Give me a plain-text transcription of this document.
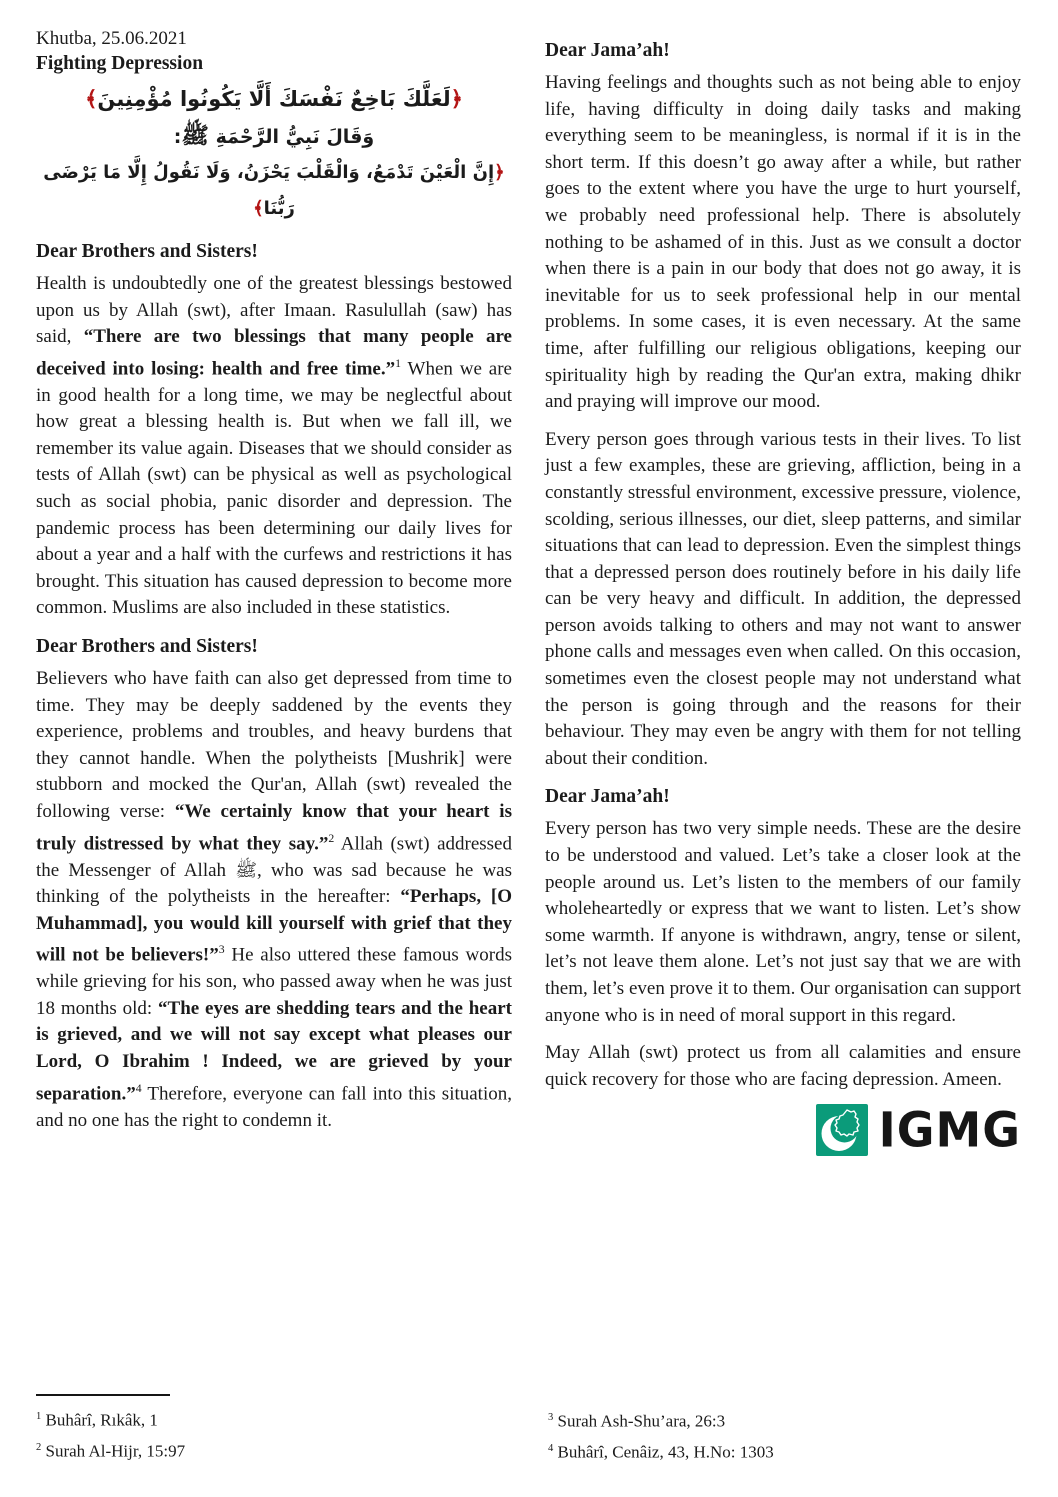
Khutba, 25.06.2021
Fighting Depression
﴿لَعَلَّكَ بَاخِعٌ نَفْسَكَ أَلَّا يَكُونُوا مُؤْمِنِينَ﴾
وَقَالَ نَبِيُّ الرَّحْمَةِ ﷺ:
﴿إِنَّ الْعَيْنَ تَدْمَعُ، وَالْقَلْبَ يَحْزَنُ، وَلَا نَقُولُ إِلَّا مَا يَرْضَى رَبُّنَا﴾
Dear Brothers and Sisters!
Health is undoubtedly one of the greatest blessings bestowed upon us by Allah (swt), after Imaan. Rasulullah (saw) has said, “There are two blessings that many people are deceived into losing: health and free time.”$^1$ When we are in good health for a long time, we may be neglectful about how great a blessing health is. But when we fall ill, we remember its value again. Diseases that we should consider as tests of Allah (swt) can be physical as well as psychological such as social phobia, panic disorder and depression. The pandemic process has been determining our daily lives for about a year and a half with the curfews and restrictions it has brought. This situation has caused depression to become more common. Muslims are also included in these statistics.
Dear Brothers and Sisters!
Believers who have faith can also get depressed from time to time. They may be deeply saddened by the events they experience, problems and troubles, and heavy burdens that they cannot handle. When the polytheists [Mushrik] were stubborn and mocked the Qur'an, Allah (swt) revealed the following verse: “We certainly know that your heart is truly distressed by what they say.”$^2$ Allah (swt) addressed the Messenger of Allah ﷺ, who was sad because he was thinking of the polytheists in the hereafter: “Perhaps, [O Muhammad], you would kill yourself with grief that they will not be believers!”$^3$ He also uttered these famous words while grieving for his son, who passed away when he was just 18 months old: “The eyes are shedding tears and the heart is grieved, and we will not say except what pleases our Lord, O Ibrahim ! Indeed, we are grieved by your separation.”$^4$ Therefore, everyone can fall into this situation, and no one has the right to condemn it.
Dear Jama’ah!
Having feelings and thoughts such as not being able to enjoy life, having difficulty in doing daily tasks and making everything seem to be meaningless, is normal if it is in the short term. If this doesn’t go away after a while, but rather goes to the extent where you have the urge to hurt yourself, we probably need professional help. There is absolutely nothing to be ashamed of in this. Just as we consult a doctor when there is a pain in our body that does not go away, it is inevitable for us to seek professional help in our mental problems. In some cases, it is even necessary. At the same time, after fulfilling our religious obligations, keeping our spirituality high by reading the Qur'an extra, making dhikr and praying will improve our mood.
Every person goes through various tests in their lives. To list just a few examples, these are grieving, affliction, being in a constantly stressful environment, excessive pressure, violence, scolding, serious illnesses, our diet, sleep patterns, and similar situations that can lead to depression. Even the simplest things that a depressed person does routinely before in his daily life can be very heavy and difficult. In addition, the depressed person avoids talking to others and may not want to answer phone calls and messages even when called. On this occasion, sometimes even the closest people may not understand what the person is going through and the reasons for their behaviour. They may even be angry with them for not telling about their condition.
Dear Jama’ah!
Every person has two very simple needs. These are the desire to be understood and valued. Let’s take a closer look at the people around us. Let’s listen to the members of our family wholeheartedly or express that we want to listen. Let’s show some warmth. If anyone is withdrawn, angry, tense or silent, let’s not leave them alone. Let’s not just say that we are with them, let’s even prove it to them. Our organisation can support anyone who is in need of moral support in this regard.
May Allah (swt) protect us from all calamities and ensure quick recovery for those who are facing depression. Ameen.
IGMG
$^1$ Buhârî, Rıkâk, 1
$^2$ Surah Al-Hijr, 15:97
$^3$ Surah Ash-Shu’ara, 26:3
$^4$ Buhârî, Cenâiz, 43, H.No: 1303
